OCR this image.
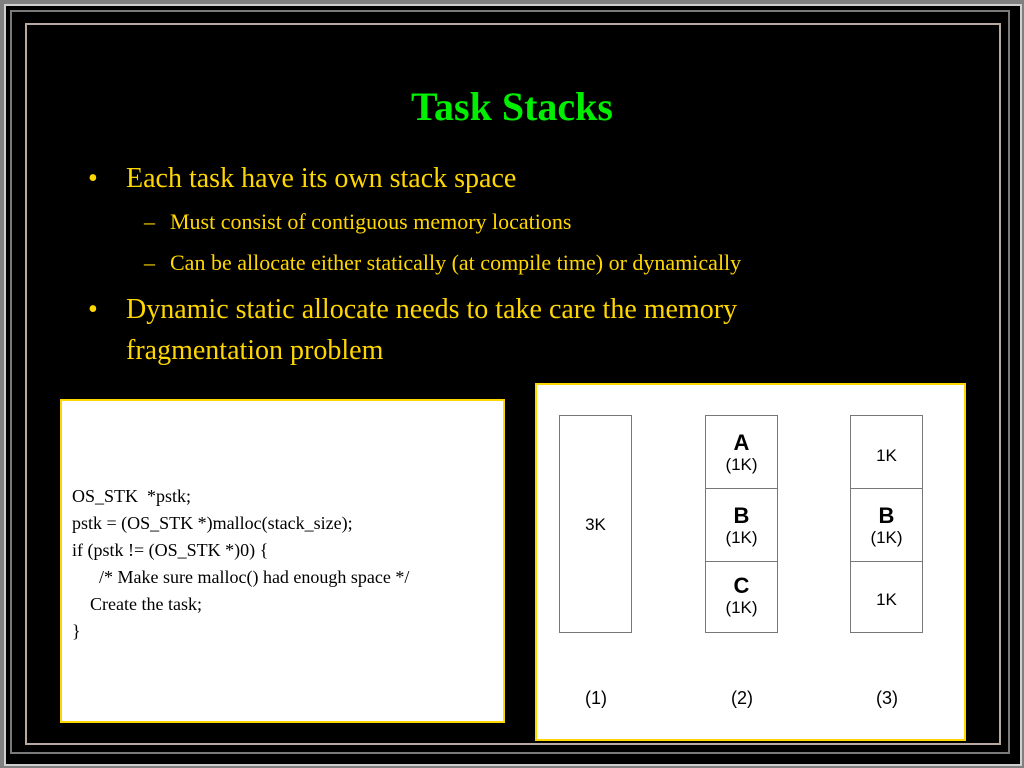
Task Stacks
• Each task have its own stack space
– Must consist of contiguous memory locations
– Can be allocate either statically (at compile time) or dynamically
• Dynamic static allocate needs to take care the memory
fragmentation problem
OS_STK  *pstk;
pstk = (OS_STK *)malloc(stack_size);
if (pstk != (OS_STK *)0) {
/* Make sure malloc() had enough space */
Create the task;
}
3K
A
(1K)
B
(1K)
C
(1K)
1K
B
(1K)
1K
(1)	(2)	(3)
